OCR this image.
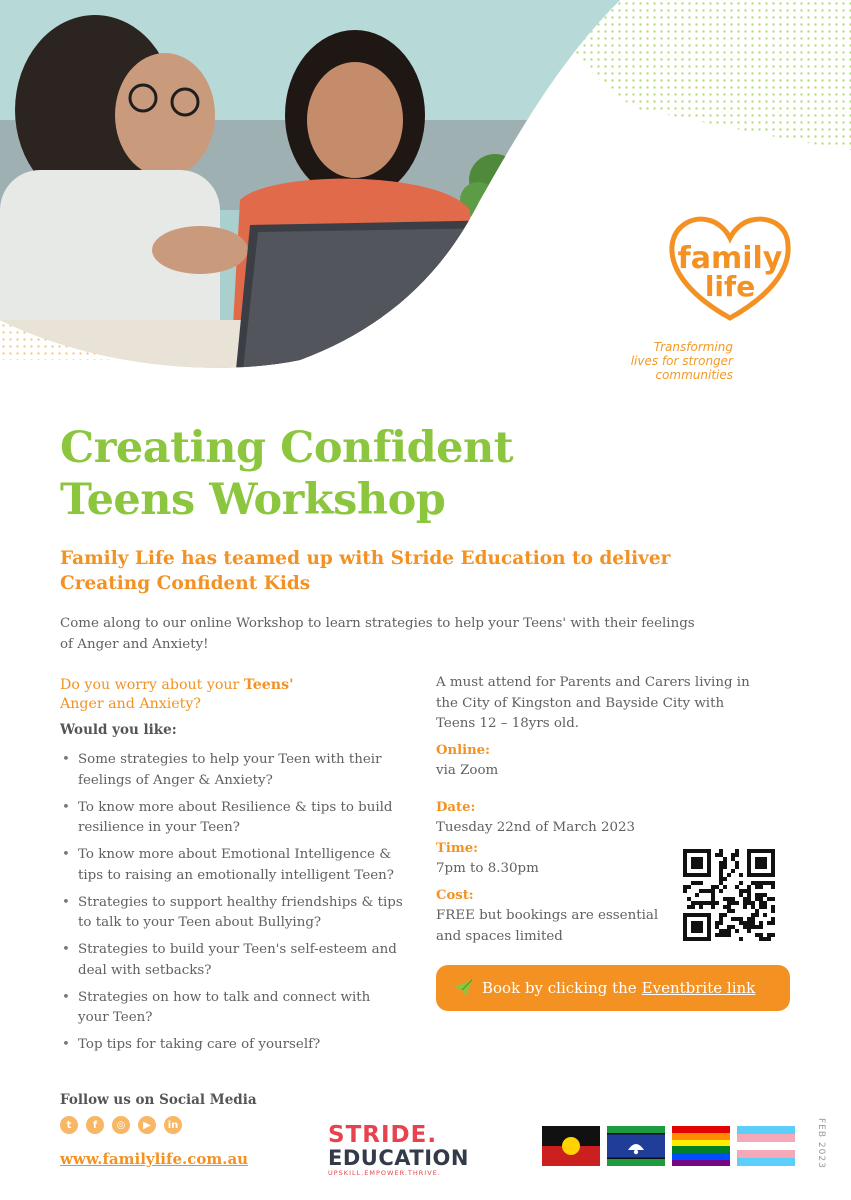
family
life
Transforming
lives for stronger
communities
Creating Confident
Teens Workshop
Family Life has teamed up with Stride Education to deliver
Creating Confident Kids

Come along to our online Workshop to learn strategies to help your Teens' with their feelings
of Anger and Anxiety!

Do you worry about your Teens'
Anger and Anxiety?
Would you like:
• Some strategies to help your Teen with their
feelings of Anger & Anxiety?
• To know more about Resilience & tips to build
resilience in your Teen?
• To know more about Emotional Intelligence &
tips to raising an emotionally intelligent Teen?
• Strategies to support healthy friendships & tips
to talk to your Teen about Bullying?
• Strategies to build your Teen's self-esteem and
deal with setbacks?
• Strategies on how to talk and connect with
your Teen?
• Top tips for taking care of yourself?
A must attend for Parents and Carers living in
the City of Kingston and Bayside City with
Teens 12 – 18yrs old.
Online:
via Zoom
Date:
Tuesday 22nd of March 2023
Time:
7pm to 8.30pm
Cost:
FREE but bookings are essential
and spaces limited
Book by clicking the Eventbrite link
Follow us on Social Media
t	f	◎	▶	in
www.familylife.com.au
STRIDE.
EDUCATION
UPSKILL.EMPOWER.THRIVE.
FEB 2023
